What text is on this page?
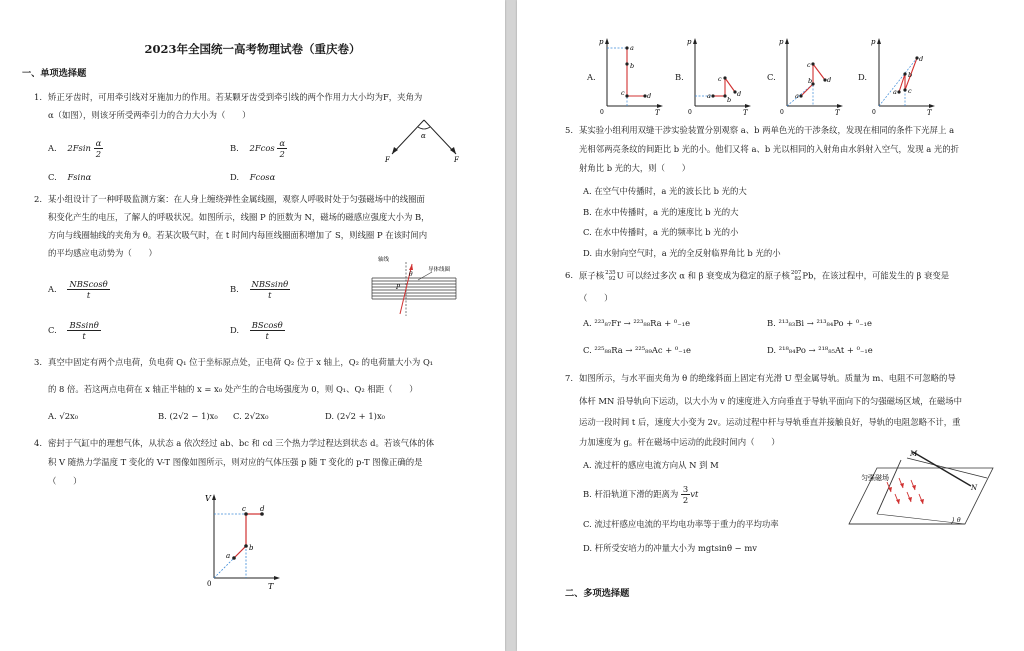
2023年全国统一高考物理试卷（重庆卷）
一、单项选择题
1. 矫正牙齿时，可用牵引线对牙施加力的作用。若某颗牙齿受到牵引线的两个作用力大小均为F，夹角为
α（如图），则该牙所受两牵引力的合力大小为（　　）
A. $2Fsin \frac{\alpha}{2}$	B. $2Fcos \frac{\alpha}{2}$
C. Fsinα	D. Fcosα
α
F	F
2. 某小组设计了一种呼吸监测方案：在人身上缠绕弹性金属线圈，观察人呼吸时处于匀强磁场中的线圈面
积变化产生的电压，了解人的呼吸状况。如图所示，线圈 P 的匝数为 N，磁场的磁感应强度大小为 B，
方向与线圈轴线的夹角为 θ。若某次吸气时，在 t 时间内每匝线圈面积增加了 S，则线圈 P 在该时间内
的平均感应电动势为（　　）
A. $\frac{\text{NBScosθ}}{t}$	B. $\frac{\text{NBSsinθ}}{t}$
C. $\frac{BSsin\theta}{t}$	D. $\frac{BScos\theta}{t}$
轴线
导体线圈
θ
P
3. 真空中固定有两个点电荷，负电荷 Q₁ 位于坐标原点处，正电荷 Q₂ 位于 x 轴上，Q₂ 的电荷量大小为 Q₁
的 8 倍。若这两点电荷在 x 轴正半轴的 x = x₀ 处产生的合电场强度为 0，则 Q₁、Q₂ 相距（　　）
A. √2x₀	B. (2√2 − 1)x₀ C. 2√2x₀	D. (2√2 + 1)x₀
4. 密封于气缸中的理想气体，从状态 a 依次经过 ab、bc 和 cd 三个热力学过程达到状态 d。若该气体的体
积 V 随热力学温度 T 变化的 V-T 图像如图所示，则对应的气体压强 p 随 T 变化的 p-T 图像正确的是
（　　）
V
T
0
a
b
c d
A.	B.	C.	D.
p
T
0
a
b
c	d
p
T
0
a b
c
d
p
T
0
a
b
c
d
p
T
0
a
b
c
d
5. 某实验小组利用双缝干涉实验装置分别观察 a、b 两单色光的干涉条纹，发现在相同的条件下光屏上 a
光相邻两亮条纹的间距比 b 光的小。他们又将 a、b 光以相同的入射角由水斜射入空气，发现 a 光的折
射角比 b 光的大，则（　　）
A. 在空气中传播时，a 光的波长比 b 光的大
B. 在水中传播时，a 光的速度比 b 光的大
C. 在水中传播时，a 光的频率比 b 光的小
D. 由水射向空气时，a 光的全反射临界角比 b 光的小
6. 原子核 235
92 U 可以经过多次 α 和 β 衰变成为稳定的原子核 207
82 Pb，在该过程中，可能发生的 β 衰变是
（　　）
A. ²²³₈₇Fr → ²²³₈₈Ra + ⁰₋₁e	B. ²¹³₈₃Bi → ²¹³₈₄Po + ⁰₋₁e
C. ²²⁵₈₈Ra → ²²⁵₈₉Ac + ⁰₋₁e	D. ²¹⁸₈₄Po → ²¹⁸₈₅At + ⁰₋₁e
7. 如图所示，与水平面夹角为 θ 的绝缘斜面上固定有光滑 U 型金属导轨。质量为 m、电阻不可忽略的导
体杆 MN 沿导轨向下运动，以大小为 v 的速度进入方向垂直于导轨平面向下的匀强磁场区域，在磁场中
运动一段时间 t 后，速度大小变为 2v。运动过程中杆与导轨垂直并接触良好，导轨的电阻忽略不计，重
力加速度为 g。杆在磁场中运动的此段时间内（　　）
A. 流过杆的感应电流方向从 N 到 M
B. 杆沿轨道下滑的距离为 $\frac{3}{2}$ vt
C. 流过杆感应电流的平均电功率等于重力的平均功率
D. 杆所受安培力的冲量大小为 mgtsinθ − mv
匀强磁场
M
N
θ
二、多项选择题
